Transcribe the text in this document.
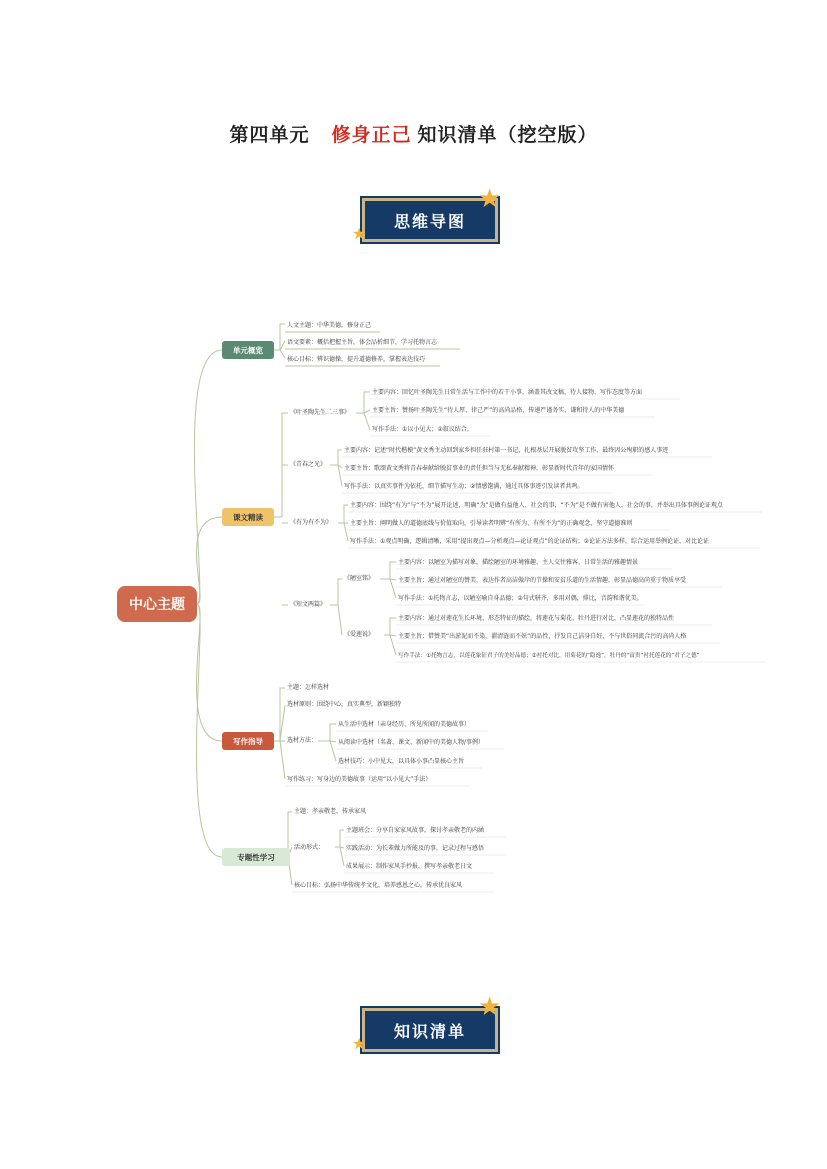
第四单元 修身正己 知识清单（挖空版）
思维导图
★
★
中心主题
单元概览
人文主题：中华美德，修身正己
语文要素：概括把握主旨，体会品析细节，学习托物言志
核心目标：辨识德操，提升道德修养，掌握表达技巧
课文精读
《叶圣陶先生二三事》
主要内容：回忆叶圣陶先生日常生活与工作中的若干小事，涵盖其改文稿、待人接物、写作态度等方面
主要主旨：赞扬叶圣陶先生“待人厚、律己严”的高尚品格，传递严谨务实、谦和待人的中华美德
写作手法：①以小见大；②叙议结合。
《青春之光》
主要内容：记述“时代楷模”黄文秀主动回到家乡担任驻村第一书记，扎根基层开展脱贫攻坚工作，最终因公殉职的感人事迹
主要主旨：歌颂黄文秀将青春奉献给脱贫事业的责任担当与无私奉献精神，彰显新时代青年的家国情怀
写作手法：以真实事件为依托，细节描写生动；②情感饱满，通过具体事迹引发读者共鸣。
《有为有不为》
主要内容：围绕“有为”与“不为”展开论述，明确“为”是做有益他人、社会的事，“不为”是不做有害他人、社会的事，并举出具体事例论证观点
主要主旨：阐明做人的道德底线与价值取向，引导读者明辨“有所为、有所不为”的正确观念，坚守道德准则
写作手法：①观点明确，逻辑清晰，采用“提出观点—分析观点—论证观点”的论证结构；②论证方法多样，综合运用举例论证、对比论证
《短文两篇》
《陋室铭》
主要内容：以陋室为描写对象，描绘陋室的环境雅趣、主人交往雅客、日常生活的雅趣情景
主要主旨：通过对陋室的赞美，表达作者高洁傲岸的节操和安贫乐道的生活情趣，彰显品德高尚重于物质享受
写作手法：①托物言志，以陋室喻自身品德；②句式骈齐，多用对偶，排比，音韵和谐优美。
《爱莲说》
主要内容：通过对莲花生长环境、形态特征的描绘，将莲花与菊花、牡丹进行对比，凸显莲花的独特品性
主要主旨：借赞美“出淤泥而不染，濯清涟而不妖”的品性，抒发自己洁身自好、不与世俗同流合污的高尚人格
写作手法：①托物言志，以莲花象征君子的美好品德；②衬托对比，用菊花的“隐逸”，牡丹的“富贵”衬托莲花的“君子之德”
写作指导
主题：怎样选材
选材原则：围绕中心，真实典型，新颖独特
选材方法：
从生活中选材（亲身经历、所见所闻的美德故事）
从阅读中选材（名著、课文、新闻中的美德人物/事例）
选材技巧：小中见大，以具体小事凸显核心主旨
写作练习：写身边的美德故事（运用“以小见大”手法）
专题性学习
主题：孝亲敬老，传承家风
活动形式：
主题班会：分享自家家风故事，探讨孝亲敬老的内涵
实践活动：为长辈做力所能及的事，记录过程与感悟
成果展示：制作家风手抄报，撰写孝亲敬老日文
核心目标：弘扬中华传统孝文化，培养感恩之心，传承优良家风
知识清单
★
★
